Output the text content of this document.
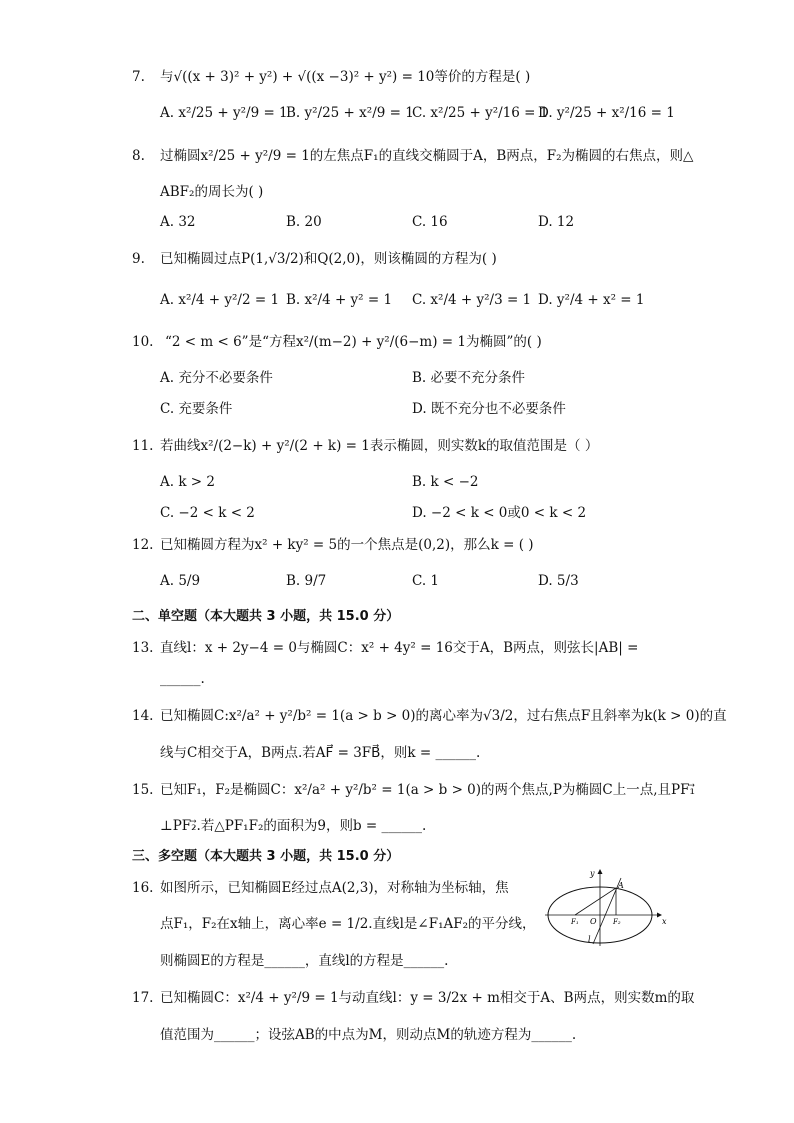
7. 与√((x + 3)² + y²) + √((x −3)² + y²) = 10等价的方程是( )
A. x²/25 + y²/9 = 1
B. y²/25 + x²/9 = 1
C. x²/25 + y²/16 = 1
D. y²/25 + x²/16 = 1
8. 过椭圆x²/25 + y²/9 = 1的左焦点F₁的直线交椭圆于A，B两点，F₂为椭圆的右焦点，则△
ABF₂的周长为( )
A. 32	B. 20	C. 16	D. 12
9. 已知椭圆过点P(1,√3/2)和Q(2,0)，则该椭圆的方程为( )
A. x²/4 + y²/2 = 1 B. x²/4 + y² = 1 C. x²/4 + y²/3 = 1 D. y²/4 + x² = 1
10. “2 < m < 6”是“方程x²/(m−2) + y²/(6−m) = 1为椭圆”的( )
A. 充分不必要条件	B. 必要不充分条件
C. 充要条件	D. 既不充分也不必要条件
11. 若曲线x²/(2−k) + y²/(2 + k) = 1表示椭圆，则实数k的取值范围是（ ）
A. k > 2	B. k < −2
C. −2 < k < 2	D. −2 < k < 0或0 < k < 2
12. 已知椭圆方程为x² + ky² = 5的一个焦点是(0,2)，那么k = ( )
A. 5/9	B. 9/7	C. 1	D. 5/3
二、单空题（本大题共 3 小题，共 15.0 分）
13. 直线l：x + 2y−4 = 0与椭圆C：x² + 4y² = 16交于A，B两点，则弦长|AB| =
______.
14. 已知椭圆C:x²/a² + y²/b² = 1(a > b > 0)的离心率为√3/2，过右焦点F且斜率为k(k > 0)的直
线与C相交于A，B两点.若AF⃗ = 3FB⃗，则k = ______.
15. 已知F₁，F₂是椭圆C：x²/a² + y²/b² = 1(a > b > 0)的两个焦点,P为椭圆C上一点,且PF₁⃗
⊥PF₂⃗.若△PF₁F₂的面积为9，则b = ______.
三、多空题（本大题共 3 小题，共 15.0 分）
16. 如图所示，已知椭圆E经过点A(2,3)，对称轴为坐标轴，焦
点F₁，F₂在x轴上，离心率e = 1/2.直线l是∠F₁AF₂的平分线，
则椭圆E的方程是______，直线l的方程是______.
y
x
A
O
F₁	F₂
l
17. 已知椭圆C：x²/4 + y²/9 = 1与动直线l：y = 3/2x + m相交于A、B两点，则实数m的取
值范围为______；设弦AB的中点为M，则动点M的轨迹方程为______.
